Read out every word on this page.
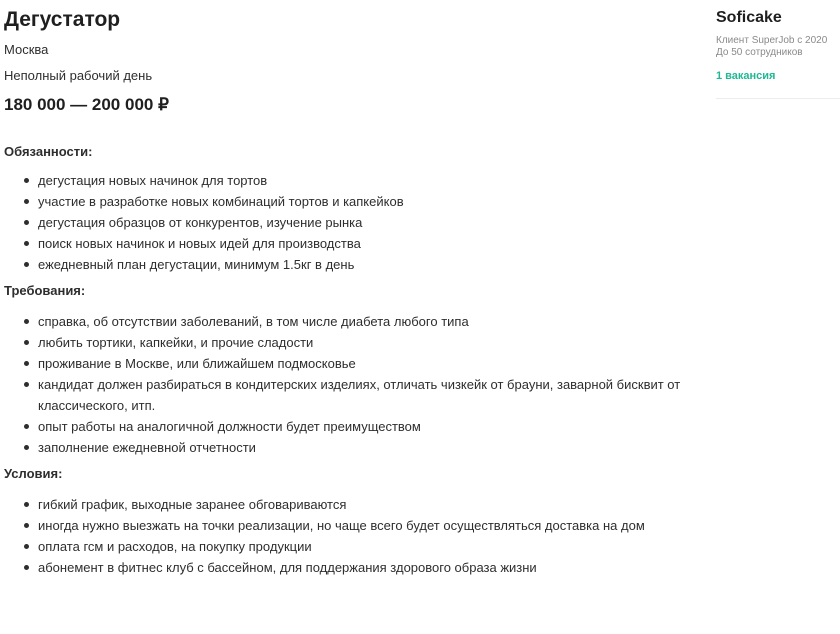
Дегустатор
Москва
Неполный рабочий день
180 000 — 200 000 ₽
Обязанности:
дегустация новых начинок для тортов
участие в разработке новых комбинаций тортов и капкейков
дегустация образцов от конкурентов, изучение рынка
поиск новых начинок и новых идей для производства
ежедневный план дегустации, минимум 1.5кг в день
Требования:
справка, об отсутствии заболеваний, в том числе диабета любого типа
любить тортики, капкейки, и прочие сладости
проживание в Москве, или ближайшем подмосковье
кандидат должен разбираться в кондитерских изделиях, отличать чизкейк от брауни, заварной бисквит от классического, итп.
опыт работы на аналогичной должности будет преимуществом
заполнение ежедневной отчетности
Условия:
гибкий график, выходные заранее обговариваются
иногда нужно выезжать на точки реализации, но чаще всего будет осуществляться доставка на дом
оплата гсм и расходов, на покупку продукции
абонемент в фитнес клуб с бассейном, для поддержания здорового образа жизни
Soficake
Клиент SuperJob с 2020
До 50 сотрудников
1 вакансия
